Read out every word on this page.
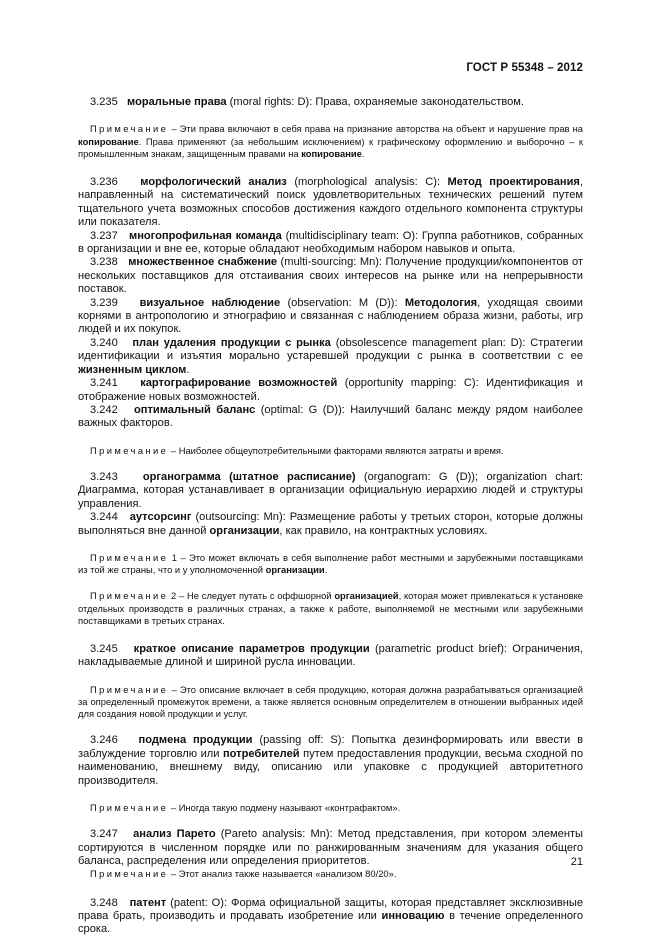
ГОСТ Р 55348 – 2012

3.235 моральные права (moral rights: D): Права, охраняемые законодательством.

Примечание – Эти права включают в себя права на признание авторства на объект и нарушение прав на копирование. Права применяют (за небольшим исключением) к графическому оформлению и выборочно – к промышленным знакам, защищенным правами на копирование.

3.236 морфологический анализ (morphological analysis: C): Метод проектирования, направленный на систематический поиск удовлетворительных технических решений путем тщательного учета возможных способов достижения каждого отдельного компонента структуры или показателя.

3.237 многопрофильная команда (multidisciplinary team: O): Группа работников, собранных в организации и вне ее, которые обладают необходимым набором навыков и опыта.

3.238 множественное снабжение (multi-sourcing: Mn): Получение продукции/компонентов от нескольких поставщиков для отстаивания своих интересов на рынке или на непрерывности поставок.

3.239 визуальное наблюдение (observation: M (D)): Методология, уходящая своими корнями в антропологию и этнографию и связанная с наблюдением образа жизни, работы, игр людей и их покупок.

3.240 план удаления продукции с рынка (obsolescence management plan: D): Стратегии идентификации и изъятия морально устаревшей продукции с рынка в соответствии с ее жизненным циклом.

3.241 картографирование возможностей (opportunity mapping: C): Идентификация и отображение новых возможностей.

3.242 оптимальный баланс (optimal: G (D)): Наилучший баланс между рядом наиболее важных факторов.

Примечание – Наиболее общеупотребительными факторами являются затраты и время.

3.243 органограмма (штатное расписание) (organogram: G (D)); organization chart: Диаграмма, которая устанавливает в организации официальную иерархию людей и структуры управления.

3.244 аутсорсинг (outsourcing: Mn): Размещение работы у третьих сторон, которые должны выполняться вне данной организации, как правило, на контрактных условиях.

Примечание 1 – Это может включать в себя выполнение работ местными и зарубежными поставщиками из той же страны, что и у уполномоченной организации.

Примечание 2 – Не следует путать с оффшорной организацией, которая может привлекаться к установке отдельных производств в различных странах, а также к работе, выполняемой не местными или зарубежными поставщиками в третьих странах.

3.245 краткое описание параметров продукции (parametric product brief): Ограничения, накладываемые длиной и шириной русла инновации.

Примечание – Это описание включает в себя продукцию, которая должна разрабатываться организацией за определенный промежуток времени, а также является основным определителем в отношении выбранных идей для создания новой продукции и услуг.

3.246 подмена продукции (passing off: S): Попытка дезинформировать или ввести в заблуждение торговлю или потребителей путем предоставления продукции, весьма сходной по наименованию, внешнему виду, описанию или упаковке с продукцией авторитетного производителя.

Примечание – Иногда такую подмену называют «контрафактом».

3.247 анализ Парето (Pareto analysis: Mn): Метод представления, при котором элементы сортируются в численном порядке или по ранжированным значениям для указания общего баланса, распределения или определения приоритетов.

Примечание – Этот анализ также называется «анализом 80/20».

3.248 патент (patent: O): Форма официальной защиты, которая представляет эксклюзивные права брать, производить и продавать изобретение или инновацию в течение определенного срока.

21
